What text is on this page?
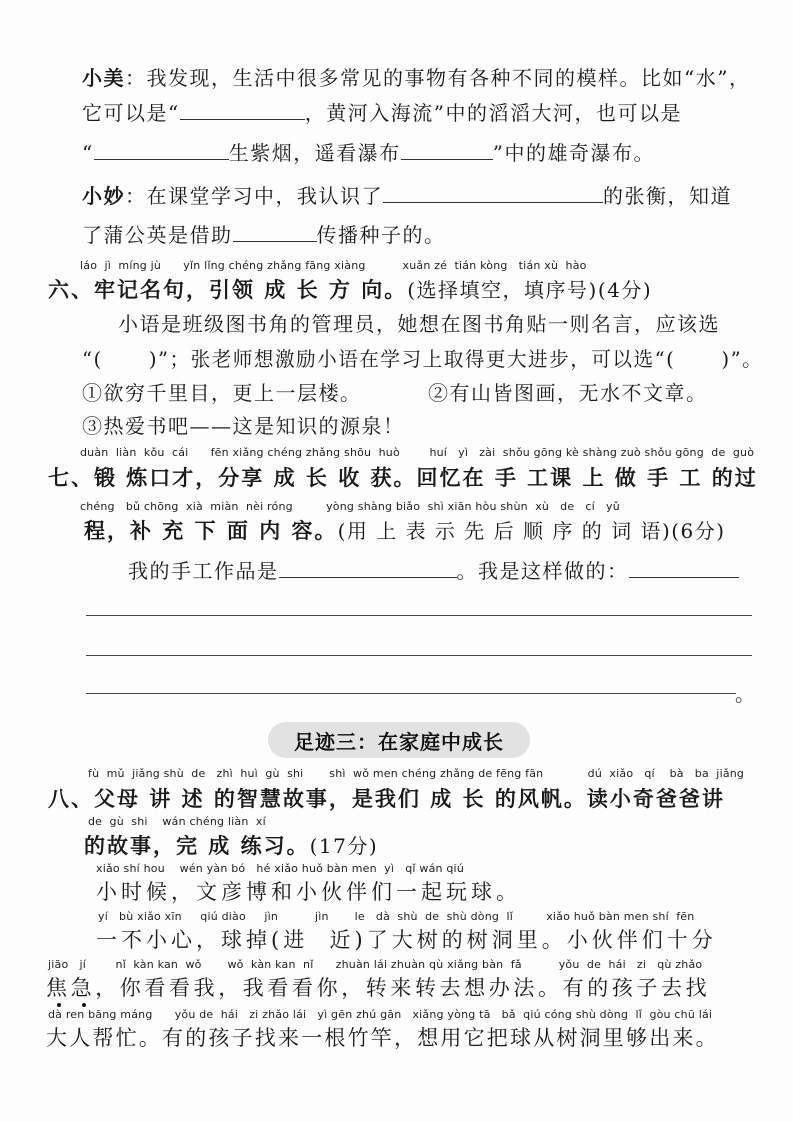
小美：我发现，生活中很多常见的事物有各种不同的模样。比如“水”，
它可以是“	，黄河入海流”中的滔滔大河，也可以是
“	生紫烟，遥看瀑布	”中的雄奇瀑布。
小妙：在课堂学习中，我认识了	的张衡，知道
了蒲公英是借助	传播种子的。
láo  jì  míng jù      yǐn lǐng chéng zhǎng fāng xiàng          xuǎn zé  tián kòng   tián xù  hào
六、牢记名句，引领 成 长 方 向。(选择填空，填序号)(4分)
小语是班级图书角的管理员，她想在图书角贴一则名言，应该选
“(      )”；张老师想激励小语在学习上取得更大进步，可以选“(      )”。
①欲穷千里目，更上一层楼。	②有山皆图画，无水不文章。
③热爱书吧——这是知识的源泉！
duàn  liàn  kǒu  cái      fēn xiǎng chéng zhǎng shōu  huò        huí   yì   zài  shǒu gōng kè shàng zuò shǒu gōng  de  guò
七、锻 炼口才，分享 成 长 收 获。回忆在 手 工课 上 做 手 工 的过
chéng   bǔ chōng  xià  miàn  nèi róng         yòng shàng biǎo  shì xiān hòu shùn  xù   de   cí   yǔ
程，补 充 下 面 内 容。(用 上 表 示 先 后 顺 序 的 词 语)(6分)
我的手工作品是	。我是这样做的：
。
足迹三：在家庭中成长
fù  mǔ  jiǎng shù  de   zhì  huì  gù  shi       shì  wǒ men chéng zhǎng de fēng fān            dú  xiǎo   qí    bà   ba  jiǎng
八、父母 讲 述 的智慧故事，是我们 成 长 的风帆。读小奇爸爸讲
de  gù  shi    wán chéng liàn  xí
的故事，完 成 练习。(17分)
xiǎo shí hou    wén yàn bó   hé xiǎo huǒ bàn men  yì   qǐ wán qiú
小时候，文彦博和小伙伴们一起玩球。
yí   bù xiǎo xīn     qiú diào     jìn          jìn       le   dà  shù  de  shù dòng  lǐ         xiǎo huǒ bàn men shí  fēn
一不小心，球掉(进  近)了大树的树洞里。小伙伴们十分
jiāo   jí        nǐ  kàn kan  wǒ       wǒ  kàn kan  nǐ      zhuàn lái zhuàn qù xiǎng bàn  fǎ          yǒu  de  hái   zi   qù zhǎo
焦急，你看看我，我看看你，转来转去想办法。有的孩子去找
dà ren bāng máng      yǒu de  hái   zi zhǎo lái   yì gēn zhú gān   xiǎng yòng tā   bǎ  qiú cóng shù dòng  lǐ  gòu chū lái
大人帮忙。有的孩子找来一根竹竿，想用它把球从树洞里够出来。
